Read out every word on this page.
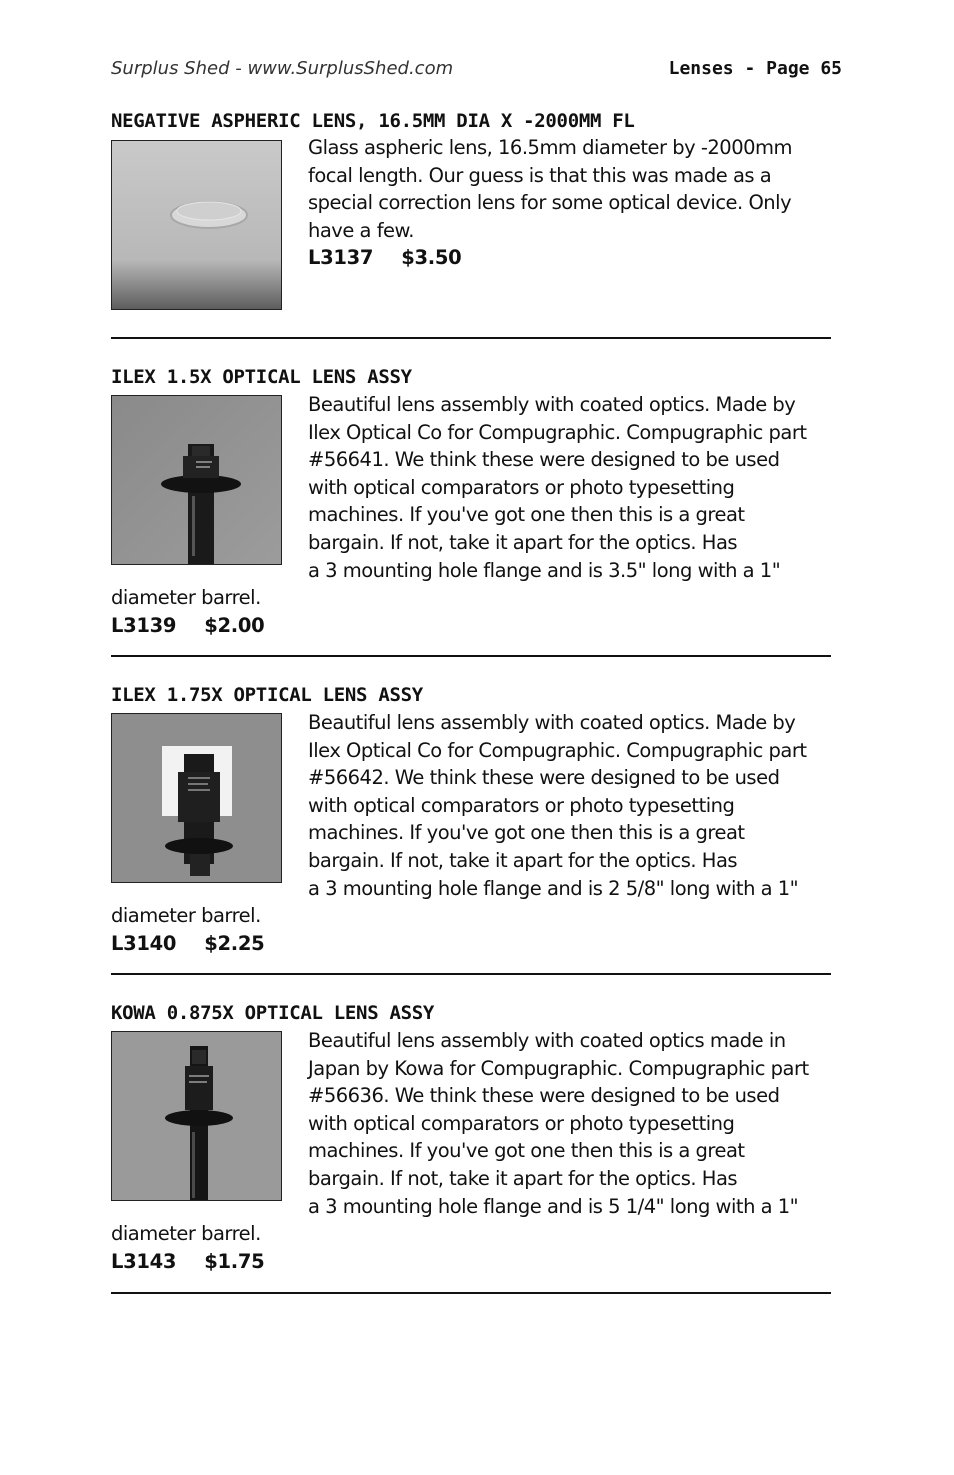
Surplus Shed - www.SurplusShed.com	Lenses - Page 65
NEGATIVE ASPHERIC LENS, 16.5MM DIA X -2000MM FL
Glass aspheric lens, 16.5mm diameter by -2000mm
focal length. Our guess is that this was made as a
special correction lens for some optical device. Only
have a few.
L3137 $3.50
ILEX 1.5X OPTICAL LENS ASSY
Beautiful lens assembly with coated optics. Made by
Ilex Optical Co for Compugraphic. Compugraphic part
#56641. We think these were designed to be used
with optical comparators or photo typesetting
machines. If you've got one then this is a great
bargain. If not, take it apart for the optics. Has
a 3 mounting hole flange and is 3.5" long with a 1"
diameter barrel.
L3139 $2.00
ILEX 1.75X OPTICAL LENS ASSY
Beautiful lens assembly with coated optics. Made by
Ilex Optical Co for Compugraphic. Compugraphic part
#56642. We think these were designed to be used
with optical comparators or photo typesetting
machines. If you've got one then this is a great
bargain. If not, take it apart for the optics. Has
a 3 mounting hole flange and is 2 5/8" long with a 1"
diameter barrel.
L3140 $2.25
KOWA 0.875X OPTICAL LENS ASSY
Beautiful lens assembly with coated optics made in
Japan by Kowa for Compugraphic. Compugraphic part
#56636. We think these were designed to be used
with optical comparators or photo typesetting
machines. If you've got one then this is a great
bargain. If not, take it apart for the optics. Has
a 3 mounting hole flange and is 5 1/4" long with a 1"
diameter barrel.
L3143 $1.75
